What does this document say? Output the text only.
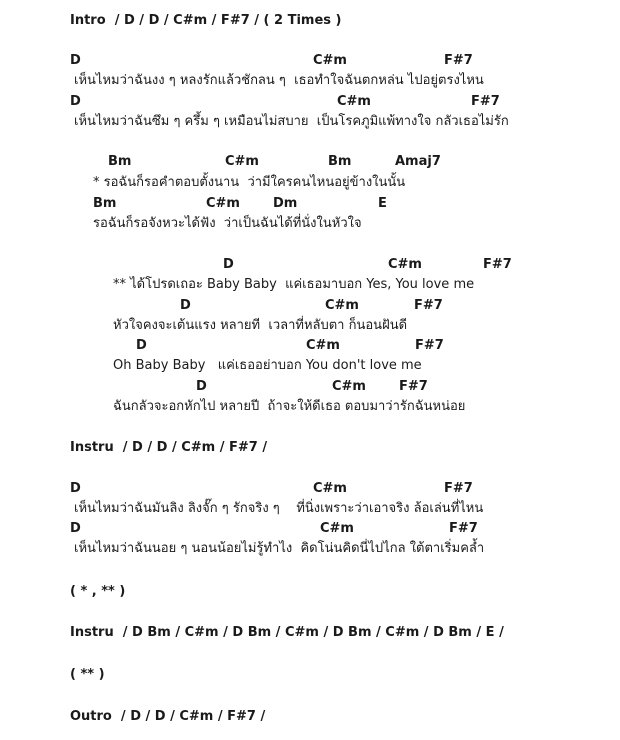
Intro  / D / D / C#m / F#7 / ( 2 Times )
D	C#m	F#7
เห็นไหมว่าฉันงง ๆ หลงรักแล้วชักลน ๆ  เธอทำใจฉันตกหล่น ไปอยู่ตรงไหน
D	C#m	F#7
เห็นไหมว่าฉันซึม ๆ ครึ้ม ๆ เหมือนไม่สบาย  เป็นโรคภูมิแพ้ทางใจ กลัวเธอไม่รัก
Bm	C#m	Bm	Amaj7
* รอฉันก็รอคำตอบตั้งนาน  ว่ามีใครคนไหนอยู่ข้างในนั้น
Bm	C#m	Dm	E
รอฉันก็รอจังหวะได้ฟัง  ว่าเป็นฉันได้ที่นั่งในหัวใจ
D	C#m	F#7
** ได้โปรดเถอะ Baby Baby  แค่เธอมาบอก Yes, You love me
D	C#m	F#7
หัวใจคงจะเต้นแรง หลายที  เวลาที่หลับตา ก็นอนฝันดี
D	C#m	F#7
Oh Baby Baby   แค่เธออย่าบอก You don't love me
D	C#m	F#7
ฉันกลัวจะอกหักไป หลายปี  ถ้าจะให้ดีเธอ ตอบมาว่ารักฉันหน่อย
Instru  / D / D / C#m / F#7 /
D	C#m	F#7
เห็นไหมว่าฉันมันลิง ลิงจั๊ก ๆ รักจริง ๆ    ที่นิ่งเพราะว่าเอาจริง ล้อเล่นที่ไหน
D	C#m	F#7
เห็นไหมว่าฉันนอย ๆ นอนน้อยไม่รู้ทำไง  คิดโน่นคิดนี่ไปไกล ใต้ตาเริ่มคล้ำ
( * , ** )
Instru  / D Bm / C#m / D Bm / C#m / D Bm / C#m / D Bm / E /
( ** )
Outro  / D / D / C#m / F#7 /
